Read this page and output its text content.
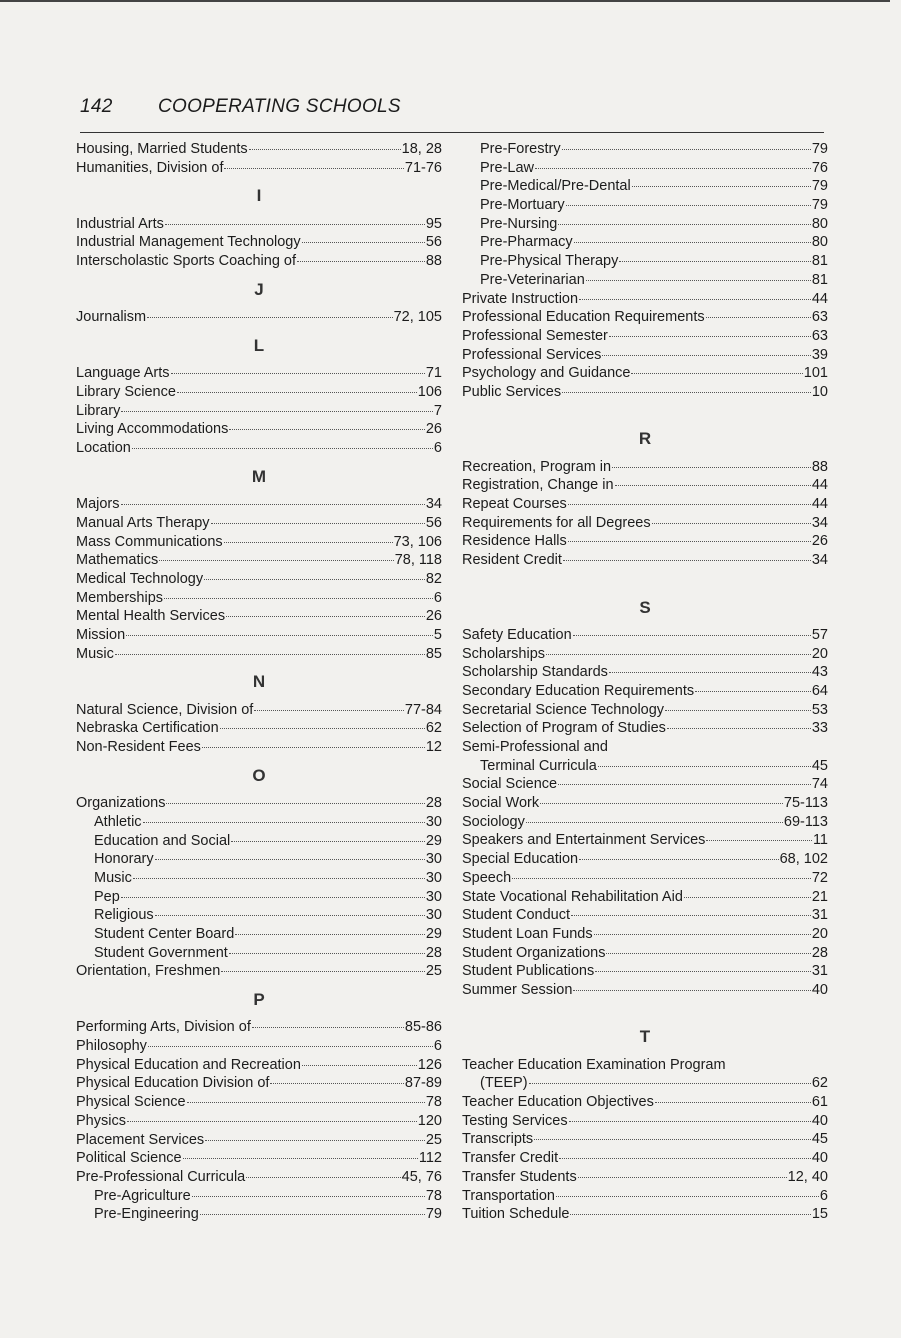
142 COOPERATING SCHOOLS
Housing, Married Students	18, 28
Humanities, Division of	71-76
I
Industrial Arts	95
Industrial Management Technology	56
Interscholastic Sports Coaching of	88
J
Journalism	72, 105
L
Language Arts	71
Library Science	106
Library	7
Living Accommodations	26
Location	6
M
Majors	34
Manual Arts Therapy	56
Mass Communications	73, 106
Mathematics	78, 118
Medical Technology	82
Memberships	6
Mental Health Services	26
Mission	5
Music	85
N
Natural Science, Division of	77-84
Nebraska Certification	62
Non-Resident Fees	12
O
Organizations	28
Athletic	30
Education and Social	29
Honorary	30
Music	30
Pep	30
Religious	30
Student Center Board	29
Student Government	28
Orientation, Freshmen	25
P
Performing Arts, Division of	85-86
Philosophy	6
Physical Education and Recreation	126
Physical Education Division of	87-89
Physical Science	78
Physics	120
Placement Services	25
Political Science	112
Pre-Professional Curricula	45, 76
Pre-Agriculture	78
Pre-Engineering	79
Pre-Forestry	79
Pre-Law	76
Pre-Medical/Pre-Dental	79
Pre-Mortuary	79
Pre-Nursing	80
Pre-Pharmacy	80
Pre-Physical Therapy	81
Pre-Veterinarian	81
Private Instruction	44
Professional Education Requirements	63
Professional Semester	63
Professional Services	39
Psychology and Guidance	101
Public Services	10
R
Recreation, Program in	88
Registration, Change in	44
Repeat Courses	44
Requirements for all Degrees	34
Residence Halls	26
Resident Credit	34
S
Safety Education	57
Scholarships	20
Scholarship Standards	43
Secondary Education Requirements	64
Secretarial Science Technology	53
Selection of Program of Studies	33
Semi-Professional and
Terminal Curricula	45
Social Science	74
Social Work	75-113
Sociology	69-113
Speakers and Entertainment Services	11
Special Education	68, 102
Speech	72
State Vocational Rehabilitation Aid	21
Student Conduct	31
Student Loan Funds	20
Student Organizations	28
Student Publications	31
Summer Session	40
T
Teacher Education Examination Program
(TEEP)	62
Teacher Education Objectives	61
Testing Services	40
Transcripts	45
Transfer Credit	40
Transfer Students	12, 40
Transportation	6
Tuition Schedule	15
